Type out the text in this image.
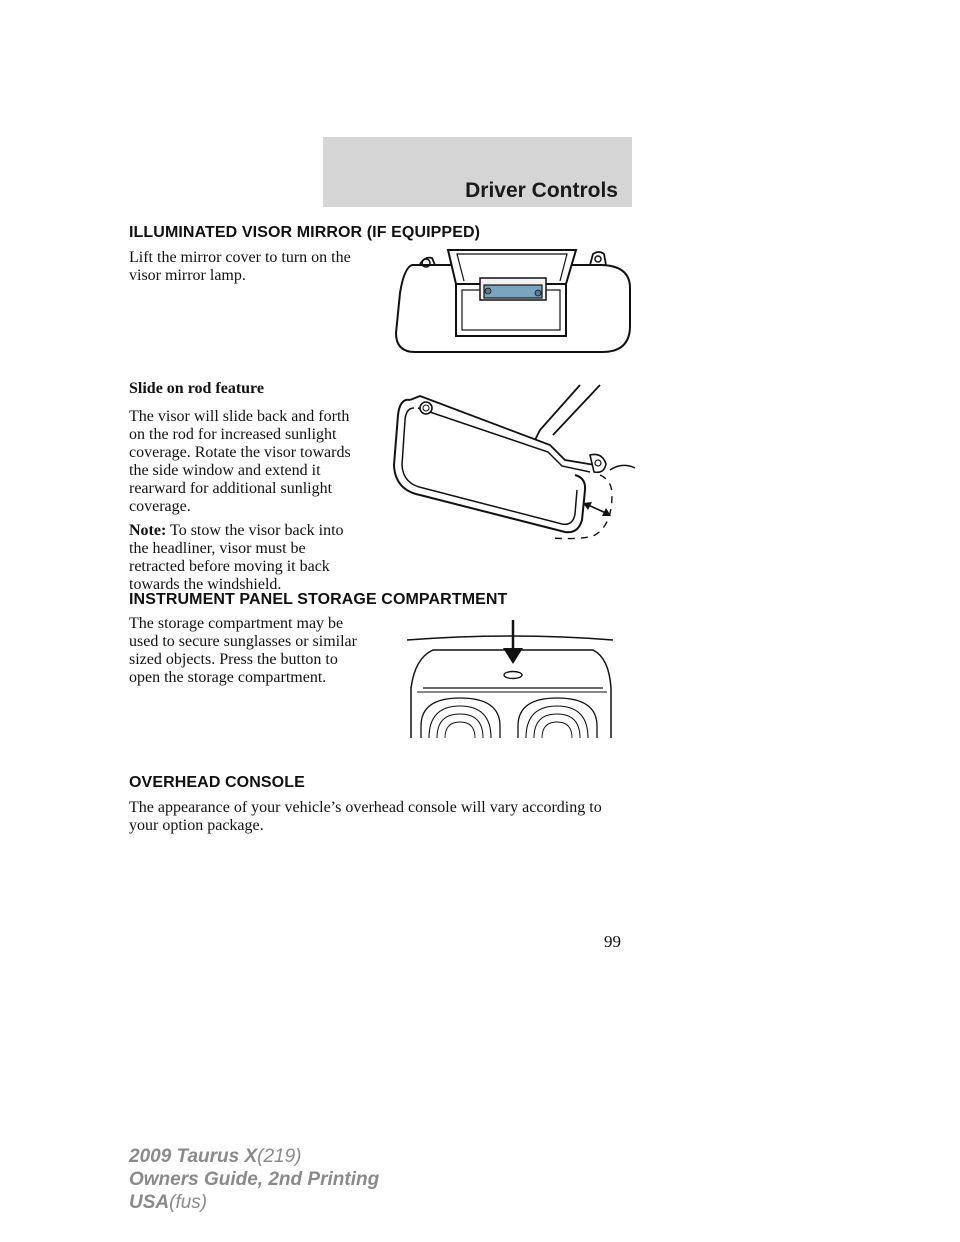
Driver Controls
ILLUMINATED VISOR MIRROR (IF EQUIPPED)

Lift the mirror cover to turn on the

visor mirror lamp.

Slide on rod feature

The visor will slide back and forth

on the rod for increased sunlight

coverage. Rotate the visor towards

the side window and extend it

rearward for additional sunlight

coverage.

Note: To stow the visor back into

the headliner, visor must be

retracted before moving it back

towards the windshield.

INSTRUMENT PANEL STORAGE COMPARTMENT

The storage compartment may be

used to secure sunglasses or similar

sized objects. Press the button to

open the storage compartment.

OVERHEAD CONSOLE

The appearance of your vehicle’s overhead console will vary according to

your option package.

99
2009 Taurus X(219)
Owners Guide, 2nd Printing
USA(fus)
